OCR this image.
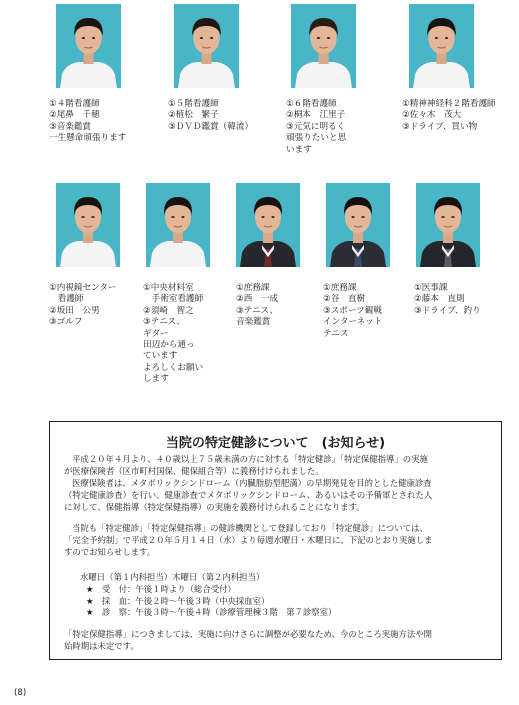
①４階看護師
②尾鼻　千穂
③音楽鑑賞
一生懸命頑張ります
①５階看護師
②植松　繁子
③ＤＶＤ鑑賞（韓流）
①６階看護師
②桐本　江里子
③元気に明るく
頑張りたいと思
います
①精神神経科２階看護師
②佐々木　茂大
③ドライブ、買い物
①内視鏡センター
　看護師
②坂田　公男
③ゴルフ
①中央材料室
　手術室看護師
②須崎　智之
③テニス、
ギター
田辺から通っ
ています
よろしくお願い
します
①庶務課
②西　一成
③テニス、
音楽鑑賞
①庶務課
②谷　直樹
③スポーツ観戦
インターネット
テニス
①医事課
②藤本　直則
③ドライブ、釣り
当院の特定健診について　(お知らせ)
平成２０年４月より、４０歳以上７５歳未満の方に対する「特定健診」「特定保健指導」の実施
が医療保険者（区市町村国保、健保組合等）に義務付けられました。
医療保険者は、メタボリックシンドローム（内臓脂肪型肥満）の早期発見を目的とした健康診査
（特定健康診査）を行い、健康診査でメタボリックシンドローム、あるいはその予備軍とされた人
に対して、保健指導（特定保健指導）の実施を義務付けられることになります。
当院も「特定健診」「特定保健指導」の健診機関として登録しており「特定健診」については、
「完全予約制」で平成２０年５月１４日（水）より毎週水曜日・木曜日に、下記のとおり実施しま
すのでお知らせします。
水曜日（第１内科担当）木曜日（第２内科担当）
★　受　付：午後１時より（総合受付）
★　採　血：午後２時～午後３時（中央採血室）
★　診　察：午後３時～午後４時（診療管理棟３階　第７診察室）
「特定保健指導」につきましては、実施に向けさらに調整が必要なため、今のところ実施方法や開
始時期は未定です。
(8)
